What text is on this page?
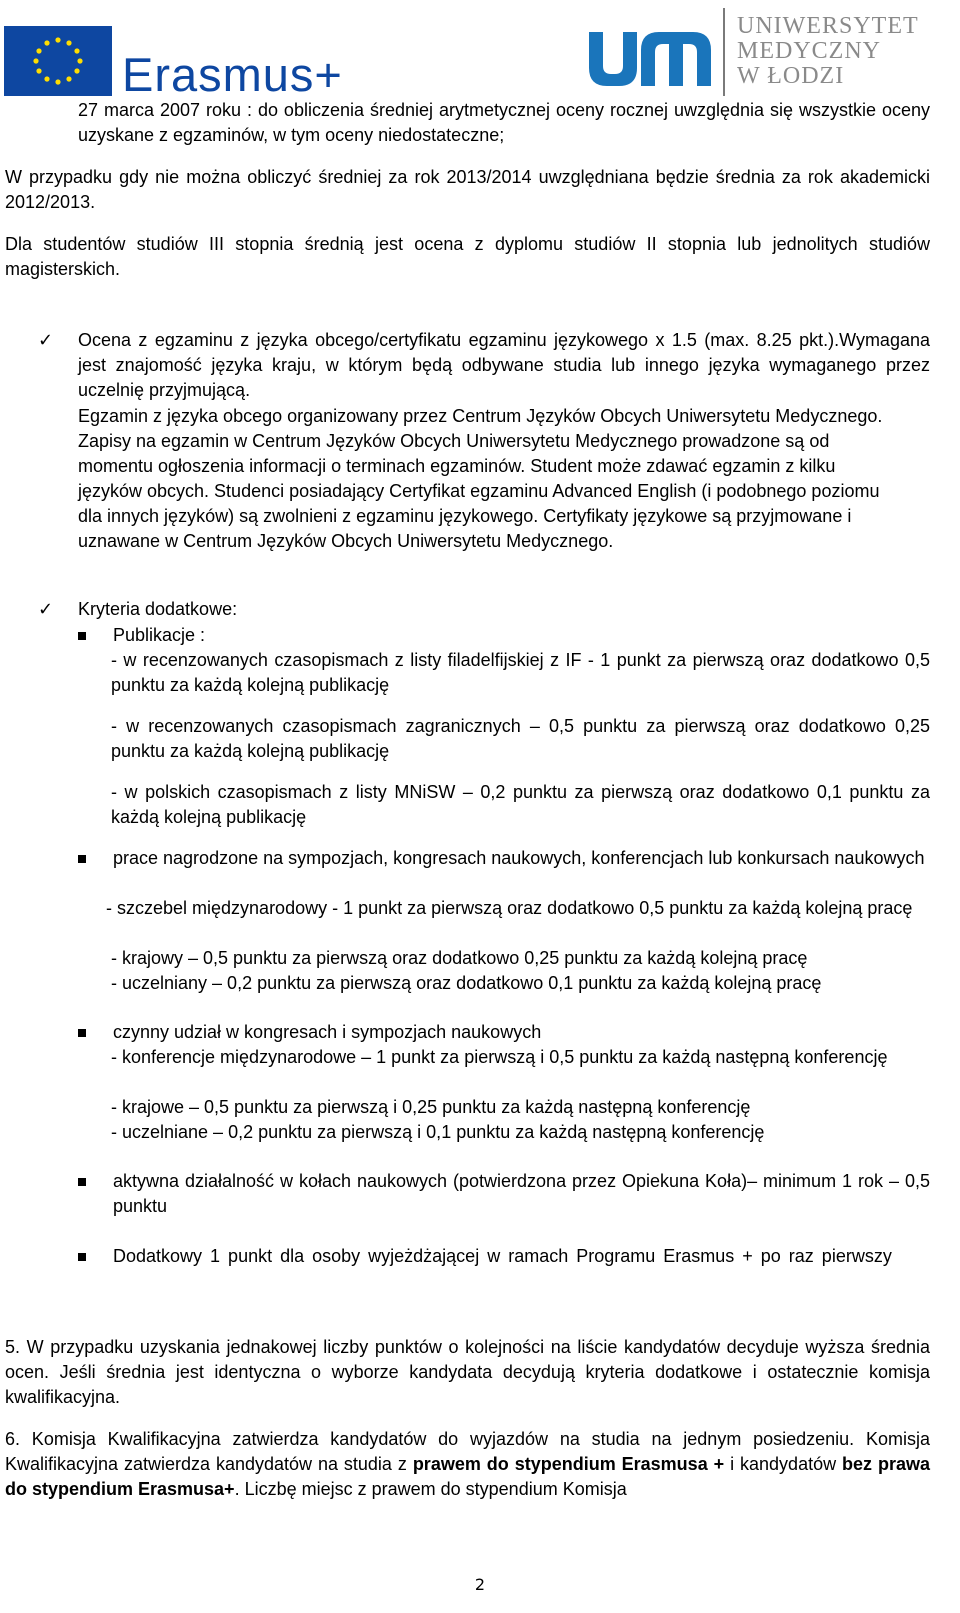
Erasmus+
UNIWERSYTET
MEDYCZNY
W ŁODZI

27 marca 2007 roku : do obliczenia średniej arytmetycznej oceny rocznej uwzględnia się wszystkie oceny uzyskane z egzaminów, w tym oceny niedostateczne;

W przypadku gdy nie można obliczyć średniej za rok 2013/2014 uwzględniana będzie średnia za rok akademicki 2012/2013.

Dla studentów studiów III stopnia średnią jest ocena z dyplomu studiów II stopnia lub jednolitych studiów magisterskich.

✓ Ocena z egzaminu z języka obcego/certyfikatu egzaminu językowego x 1.5 (max. 8.25 pkt.).Wymagana jest znajomość języka kraju, w którym będą odbywane studia lub innego języka wymaganego przez uczelnię przyjmującą.

Egzamin z języka obcego organizowany przez Centrum Języków Obcych Uniwersytetu Medycznego. Zapisy na egzamin w Centrum Języków Obcych Uniwersytetu Medycznego prowadzone są od momentu ogłoszenia informacji o terminach egzaminów. Student może zdawać egzamin z kilku języków obcych. Studenci posiadający Certyfikat egzaminu Advanced English (i podobnego poziomu dla innych języków) są zwolnieni z egzaminu językowego. Certyfikaty językowe są przyjmowane i uznawane w Centrum Języków Obcych Uniwersytetu Medycznego.

✓ Kryteria dodatkowe:

Publikacje :

- w recenzowanych czasopismach z listy filadelfijskiej z IF - 1 punkt za pierwszą oraz dodatkowo 0,5 punktu za każdą kolejną publikację

- w recenzowanych czasopismach zagranicznych – 0,5 punktu za pierwszą oraz dodatkowo 0,25 punktu za każdą kolejną publikację

- w polskich czasopismach z listy MNiSW – 0,2 punktu za pierwszą oraz dodatkowo 0,1 punktu za każdą kolejną publikację

prace nagrodzone na sympozjach, kongresach naukowych, konferencjach lub konkursach naukowych

- szczebel międzynarodowy - 1 punkt za pierwszą oraz dodatkowo 0,5 punktu za każdą kolejną pracę

- krajowy – 0,5 punktu za pierwszą oraz dodatkowo 0,25 punktu za każdą kolejną pracę

- uczelniany – 0,2 punktu za pierwszą oraz dodatkowo 0,1 punktu za każdą kolejną pracę

czynny udział w kongresach i sympozjach naukowych

- konferencje międzynarodowe – 1 punkt za pierwszą i 0,5 punktu za każdą następną konferencję

- krajowe – 0,5 punktu za pierwszą i 0,25 punktu za każdą następną konferencję

- uczelniane – 0,2 punktu za pierwszą i 0,1 punktu za każdą następną konferencję

aktywna działalność w kołach naukowych (potwierdzona przez Opiekuna Koła)– minimum 1 rok – 0,5 punktu

Dodatkowy 1 punkt dla osoby wyjeżdżającej w ramach Programu Erasmus + po raz pierwszy

5. W przypadku uzyskania jednakowej liczby punktów o kolejności na liście kandydatów decyduje wyższa średnia ocen. Jeśli średnia jest identyczna o wyborze kandydata decydują kryteria dodatkowe i ostatecznie komisja kwalifikacyjna.

6. Komisja Kwalifikacyjna zatwierdza kandydatów do wyjazdów na studia na jednym posiedzeniu. Komisja Kwalifikacyjna zatwierdza kandydatów na studia z prawem do stypendium Erasmusa + i kandydatów bez prawa do stypendium Erasmusa+. Liczbę miejsc z prawem do stypendium Komisja

2
